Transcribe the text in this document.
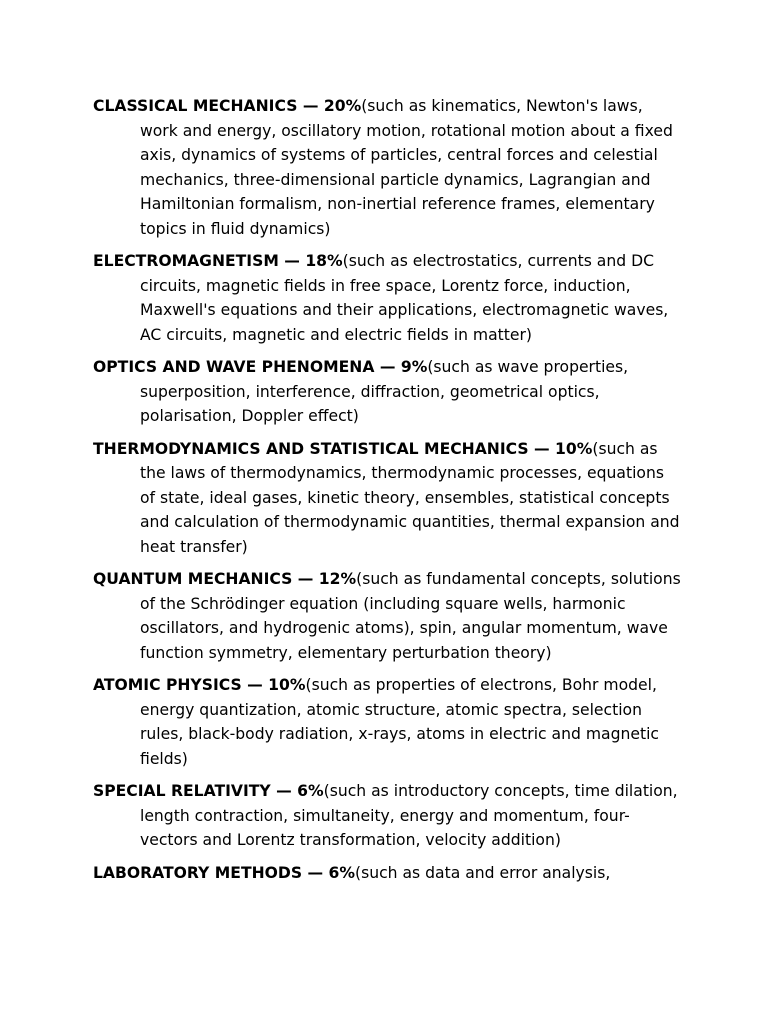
CLASSICAL MECHANICS — 20%(such as kinematics, Newton's laws, work and energy, oscillatory motion, rotational motion about a fixed axis, dynamics of systems of particles, central forces and celestial mechanics, three-dimensional particle dynamics, Lagrangian and Hamiltonian formalism, non-inertial reference frames, elementary topics in fluid dynamics)

ELECTROMAGNETISM — 18%(such as electrostatics, currents and DC circuits, magnetic fields in free space, Lorentz force, induction, Maxwell's equations and their applications, electromagnetic waves, AC circuits, magnetic and electric fields in matter)

OPTICS AND WAVE PHENOMENA — 9%(such as wave properties, superposition, interference, diffraction, geometrical optics, polarisation, Doppler effect)

THERMODYNAMICS AND STATISTICAL MECHANICS — 10%(such as the laws of thermodynamics, thermodynamic processes, equations of state, ideal gases, kinetic theory, ensembles, statistical concepts and calculation of thermodynamic quantities, thermal expansion and heat transfer)

QUANTUM MECHANICS — 12%(such as fundamental concepts, solutions of the Schrödinger equation (including square wells, harmonic oscillators, and hydrogenic atoms), spin, angular momentum, wave function symmetry, elementary perturbation theory)

ATOMIC PHYSICS — 10%(such as properties of electrons, Bohr model, energy quantization, atomic structure, atomic spectra, selection rules, black-body radiation, x-rays, atoms in electric and magnetic fields)

SPECIAL RELATIVITY — 6%(such as introductory concepts, time dilation, length contraction, simultaneity, energy and momentum, four-vectors and Lorentz transformation, velocity addition)

LABORATORY METHODS — 6%(such as data and error analysis,
